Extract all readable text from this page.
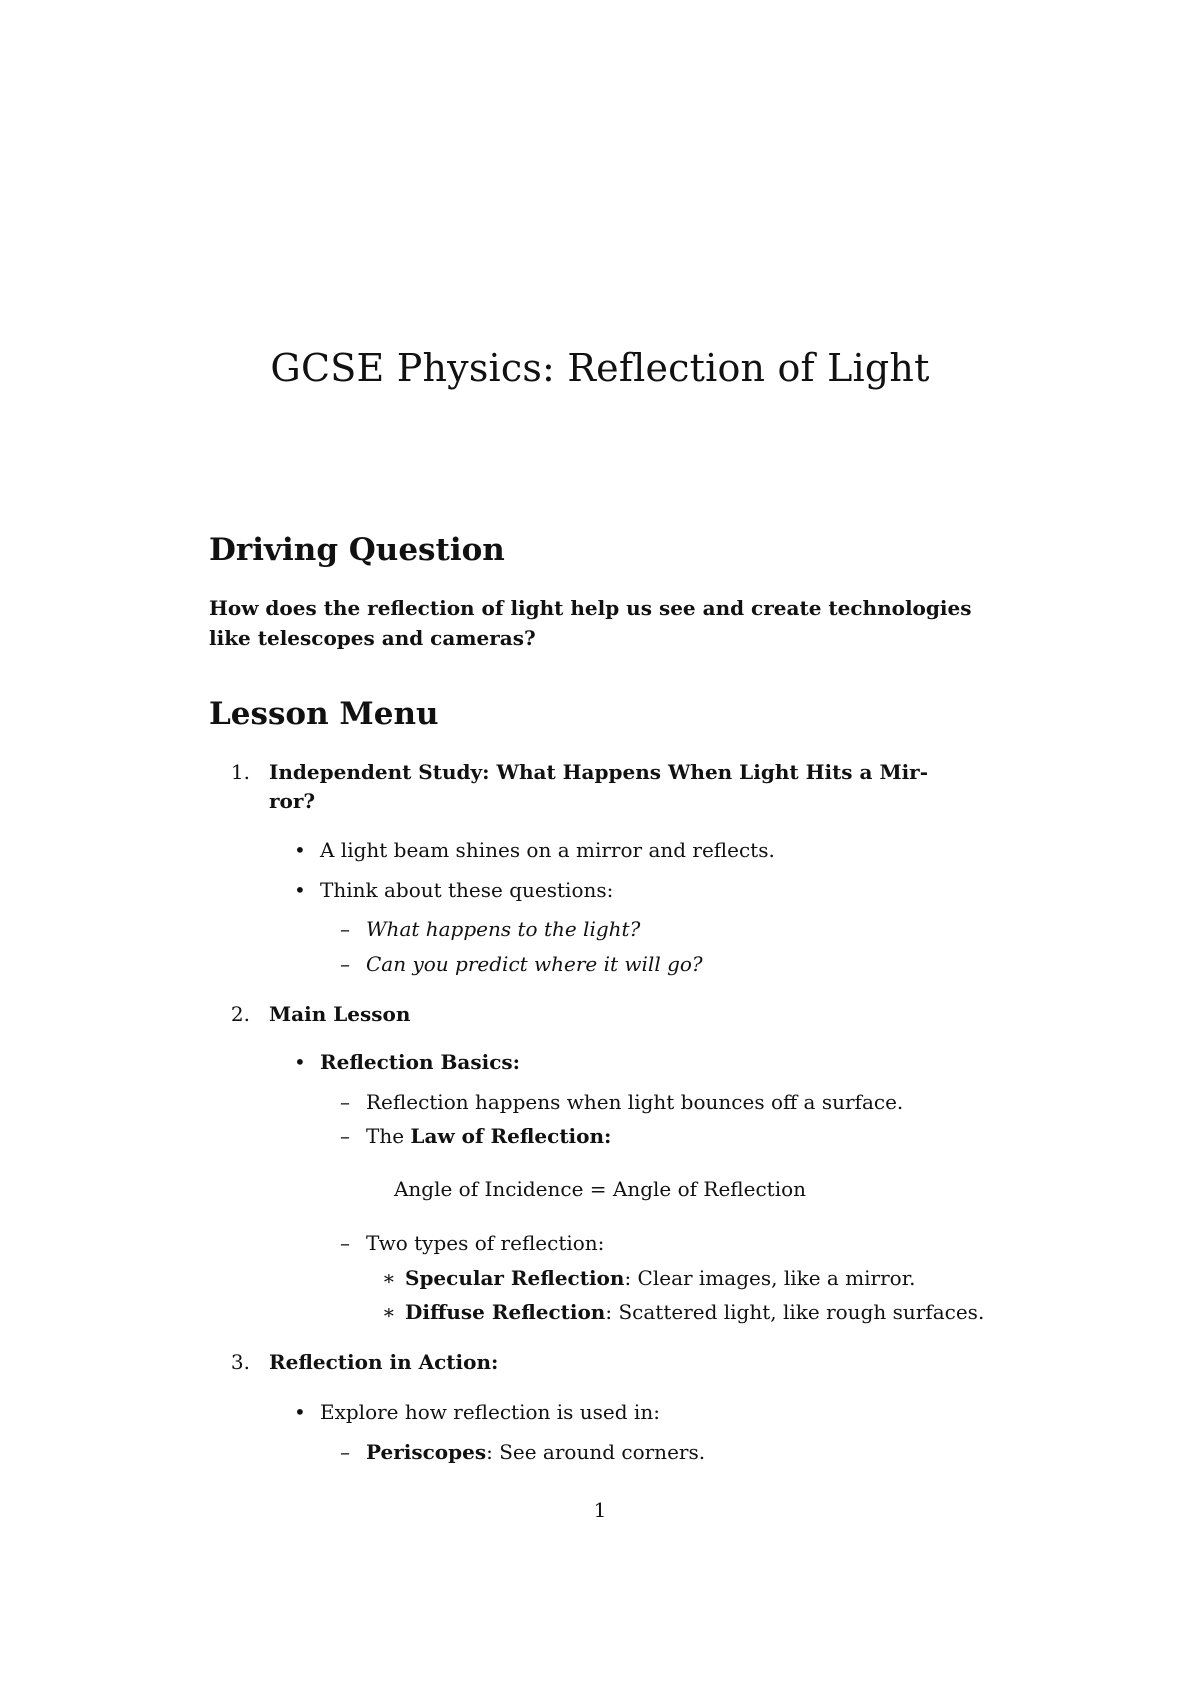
GCSE Physics: Reflection of Light
Driving Question
How does the reflection of light help us see and create technologies
like telescopes and cameras?
Lesson Menu
1. Independent Study: What Happens When Light Hits a Mir-
ror?
• A light beam shines on a mirror and reflects.
• Think about these questions:
– What happens to the light?
– Can you predict where it will go?
2. Main Lesson
• Reflection Basics:
– Reflection happens when light bounces off a surface.
– The Law of Reflection:
Angle of Incidence = Angle of Reflection
– Two types of reflection:
∗ Specular Reflection: Clear images, like a mirror.
∗ Diffuse Reflection: Scattered light, like rough surfaces.
3. Reflection in Action:
• Explore how reflection is used in:
– Periscopes: See around corners.
1
